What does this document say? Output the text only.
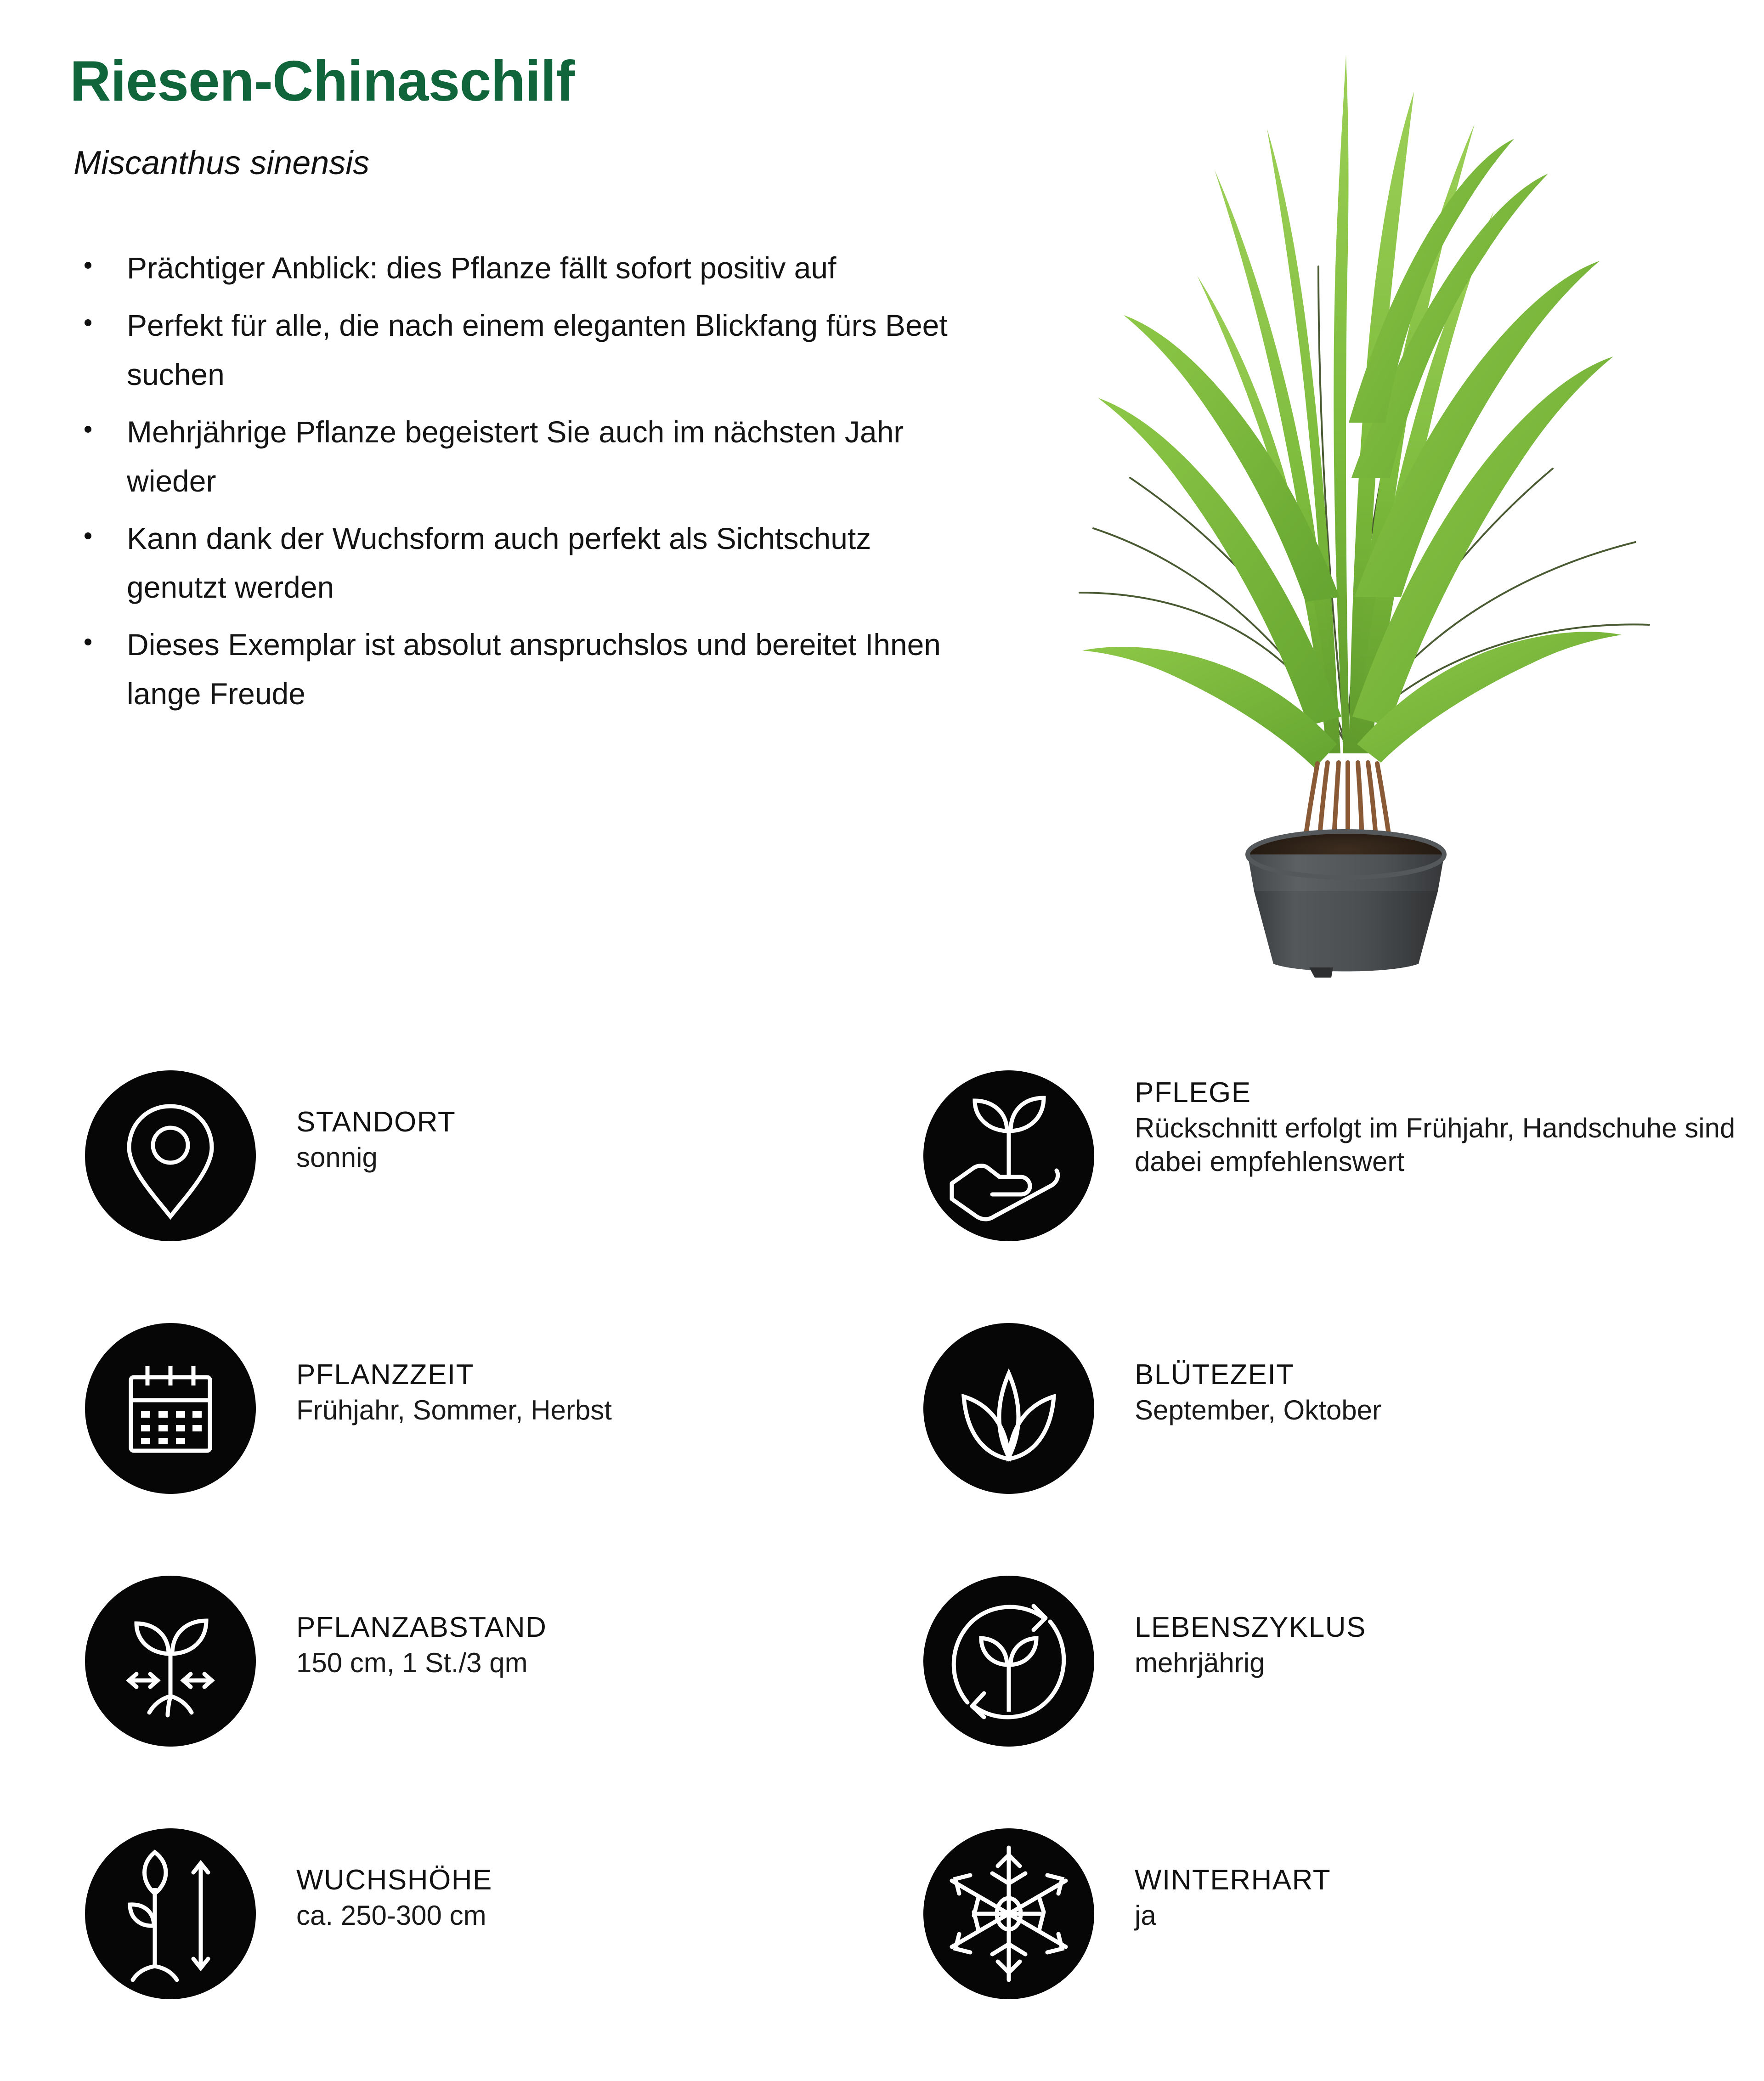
Riesen-Chinaschilf
Miscanthus sinensis
Prächtiger Anblick: dies Pflanze fällt sofort positiv auf
Perfekt für alle, die nach einem eleganten Blickfang fürs Beet suchen
Mehrjährige Pflanze begeistert Sie auch im nächsten Jahr wieder
Kann dank der Wuchsform auch perfekt als Sichtschutz genutzt werden
Dieses Exemplar ist absolut anspruchslos und bereitet Ihnen lange Freude
STANDORT
sonnig
PFLANZZEIT
Frühjahr, Sommer, Herbst
PFLANZABSTAND
150 cm, 1 St./3 qm
WUCHSHÖHE
ca. 250-300 cm
PFLEGE
Rückschnitt erfolgt im Frühjahr, Handschuhe sind dabei empfehlenswert
BLÜTEZEIT
September, Oktober
LEBENSZYKLUS
mehrjährig
WINTERHART
ja
